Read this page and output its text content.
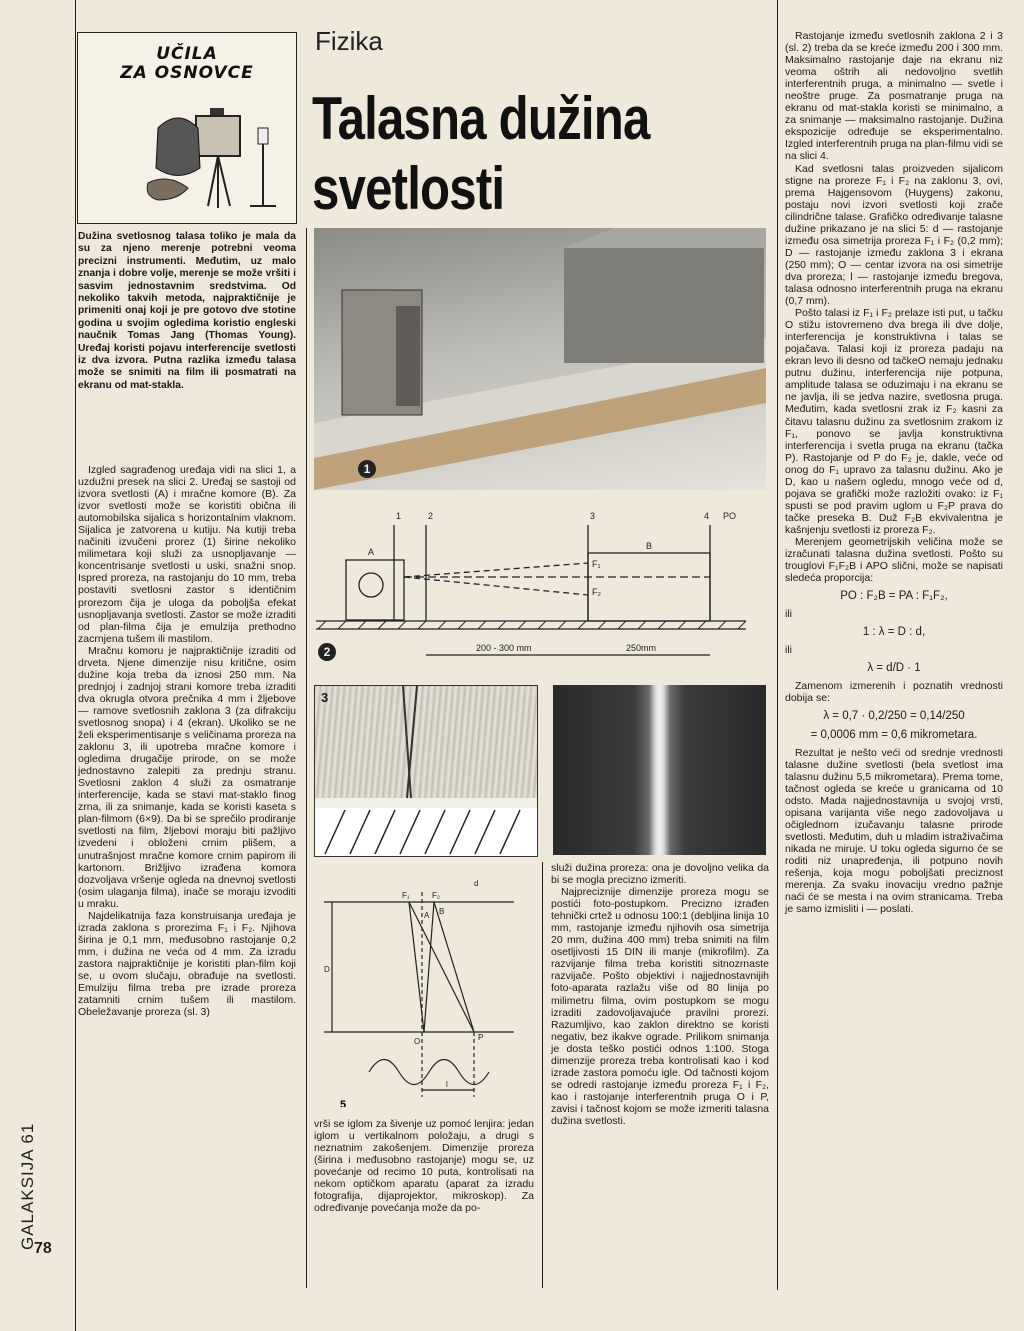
UČILA
ZA OSNOVCE
Fizika
Talasna dužina
svetlosti
Dužina svetlosnog talasa toliko je mala da su za njeno merenje potrebni veoma precizni instrumenti. Međutim, uz malo znanja i dobre volje, merenje se može vršiti i sasvim jednostavnim sredstvima. Od nekoliko takvih metoda, najpraktičnije je primeniti onaj koji je pre gotovo dve stotine godina u svojim ogledima koristio engleski naučnik Tomas Jang (Thomas Young). Uređaj koristi pojavu interferencije svetlosti iz dva izvora. Putna razlika između talasa može se snimiti na film ili posmatrati na ekranu od mat-stakla.

Izgled sagrađenog uređaja vidi na slici 1, a uzdužni presek na slici 2. Uređaj se sastoji od izvora svetlosti (A) i mračne komore (B). Za izvor svetlosti može se koristiti obična ili automobilska sijalica s horizontalnim vlaknom. Sijalica je zatvorena u kutiju. Na kutiji treba načiniti izvučeni prorez (1) širine nekoliko milimetara koji služi za usnopljavanje — koncentrisanje svetlosti u uski, snažni snop. Ispred proreza, na rastojanju do 10 mm, treba postaviti svetlosni zastor s identičnim prorezom čija je uloga da poboljša efekat usnopljavanja svetlosti. Zastor se može izraditi od plan-filma čija je emulzija prethodno zacrnjena tušem ili mastilom.

Mračnu komoru je najpraktičnije izraditi od drveta. Njene dimenzije nisu kritične, osim dužine koja treba da iznosi 250 mm. Na prednjoj i zadnjoj strani komore treba izraditi dva okrugla otvora prečnika 4 mm i žljebove — ramove svetlosnih zaklona 3 (za difrakciju svetlosnog snopa) i 4 (ekran). Ukoliko se ne želi eksperimentisanje s veličinama proreza na zaklonu 3, ili upotreba mračne komore i ogledima drugačije prirode, on se može jednostavno zalepiti za prednju stranu. Svetlosni zaklon 4 služi za osmatranje interferencije, kada se stavi mat-staklo finog zrna, ili za snimanje, kada se koristi kaseta s plan-filmom (6×9). Da bi se sprečilo prodiranje svetlosti na film, žljebovi moraju biti pažljivo izvedeni i obloženi crnim plišem, a unutrašnjost mračne komore crnim papirom ili kartonom. Brižljivo izrađena komora dozvoljava vršenje ogleda na dnevnoj svetlosti (osim ulaganja filma), inače se moraju izvoditi u mraku.

Najdelikatnija faza konstruisanja uređaja je izrada zaklona s prorezima F₁ i F₂. Njihova širina je 0,1 mm, međusobno rastojanje 0,2 mm, i dužina ne veća od 4 mm. Za izradu zastora najpraktičnije je koristiti plan-film koji se, u ovom slučaju, obrađuje na svetlosti. Emulziju filma treba pre izrade proreza zatamniti crnim tušem ili mastilom. Obeležavanje proreza (sl. 3)

1
1	2	3	4 PO
A
B
F₁
F₂
200 - 300 mm	250mm
2
3
F₁	F₂
d
D
O	P
A B
l
5

vrši se iglom za šivenje uz pomoć lenjira: jedan iglom u vertikalnom položaju, a drugi s neznatnim zakošenjem. Dimenzije proreza (širina i međusobno rastojanje) mogu se, uz povećanje od recimo 10 puta, kontrolisati na nekom optičkom aparatu (aparat za izradu fotografija, dijaprojektor, mikroskop). Za određivanje povećanja može da po-

služi dužina proreza: ona je dovoljno velika da bi se mogla precizno izmeriti.

Najpreciznije dimenzije proreza mogu se postići foto-postupkom. Precizno izrađen tehnički crtež u odnosu 100:1 (debljina linija 10 mm, rastojanje između njihovih osa simetrija 20 mm, dužina 400 mm) treba snimiti na film osetljivosti 15 DIN ili manje (mikrofilm). Za razvijanje filma treba koristiti sitnozrnaste razvijače. Pošto objektivi i najjednostavnijih foto-aparata razlažu više od 80 linija po milimetru filma, ovim postupkom se mogu izraditi zadovoljavajuće pravilni prorezi. Razumljivo, kao zaklon direktno se koristi negativ, bez ikakve ograde. Prilikom snimanja je dosta teško postići odnos 1:100. Stoga dimenzije proreza treba kontrolisati kao i kod izrade zastora pomoću igle. Od tačnosti kojom se odredi rastojanje između proreza F₁ i F₂, kao i rastojanje interferentnih pruga O i P, zavisi i tačnost kojom se može izmeriti talasna dužina svetlosti.

Rastojanje između svetlosnih zaklona 2 i 3 (sl. 2) treba da se kreće između 200 i 300 mm. Maksimalno rastojanje daje na ekranu niz veoma oštrih ali nedovoljno svetlih interferentnih pruga, a minimalno — svetle i neoštre pruge. Za posmatranje pruga na ekranu od mat-stakla koristi se minimalno, a za snimanje — maksimalno rastojanje. Dužina ekspozicije određuje se eksperimentalno. Izgled interferentnih pruga na plan-filmu vidi se na slici 4.

Kad svetlosni talas proizveden sijalicom stigne na proreze F₁ i F₂ na zaklonu 3, ovi, prema Hajgensovom (Huygens) zakonu, postaju novi izvori svetlosti koji zrače cilindrične talase. Grafičko određivanje talasne dužine prikazano je na slici 5: d — rastojanje između osa simetrija proreza F₁ i F₂ (0,2 mm); D — rastojanje između zaklona 3 i ekrana (250 mm); O — centar izvora na osi simetrije dva proreza; l — rastojanje između bregova, talasa odnosno interferentnih pruga na ekranu (0,7 mm).

Pošto talasi iz F₁ i F₂ prelaze isti put, u tačku O stižu istovremeno dva brega ili dve dolje, interferencija je konstruktivna i talas se pojačava. Talasi koji iz proreza padaju na ekran levo ili desno od tačkeO nemaju jednaku putnu dužinu, interferencija nije potpuna, amplitude talasa se oduzimaju i na ekranu se ne javlja, ili se jedva nazire, svetlosna pruga. Međutim, kada svetlosni zrak iz F₂ kasni za čitavu talasnu dužinu za svetlosnim zrakom iz F₁, ponovo se javlja konstruktivna interferencija i svetla pruga na ekranu (tačka P). Rastojanje od P do F₂ je, dakle, veće od onog do F₁ upravo za talasnu dužinu. Ako je D, kao u našem ogledu, mnogo veće od d, pojava se grafički može razložiti ovako: iz F₁ spusti se pod pravim uglom u F₂P prava do tačke preseka B. Duž F₂B ekvivalentna je kašnjenju svetlosti iz proreza F₂.

Merenjem geometrijskih veličina može se izračunati talasna dužina svetlosti. Pošto su trouglovi F₁F₂B i APO slični, može se napisati sledeća proporcija:

PO : F₂B = PA : F₁F₂,
ili
1 : λ = D : d,
ili
λ = d/D · 1

Zamenom izmerenih i poznatih vrednosti dobija se:

λ = 0,7 · 0,2/250 = 0,14/250
= 0,0006 mm = 0,6 mikrometara.

Rezultat je nešto veći od srednje vrednosti talasne dužine svetlosti (bela svetlost ima talasnu dužinu 5,5 mikrometara). Prema tome, tačnost ogleda se kreće u granicama od 10 odsto. Mada najjednostavnija u svojoj vrsti, opisana varijanta više nego zadovoljava u očiglednom izučavanju talasne prirode svetlosti. Međutim, duh u mladim istraživačima nikada ne miruje. U toku ogleda sigurno će se roditi niz unapređenja, ili potpuno novih rešenja, koja mogu poboljšati preciznost merenja. Za svaku inovaciju vredno pažnje naći će se mesta i na ovim stranicama. Treba je samo izmisliti i — poslati.

GALAKSIJA 61
78
